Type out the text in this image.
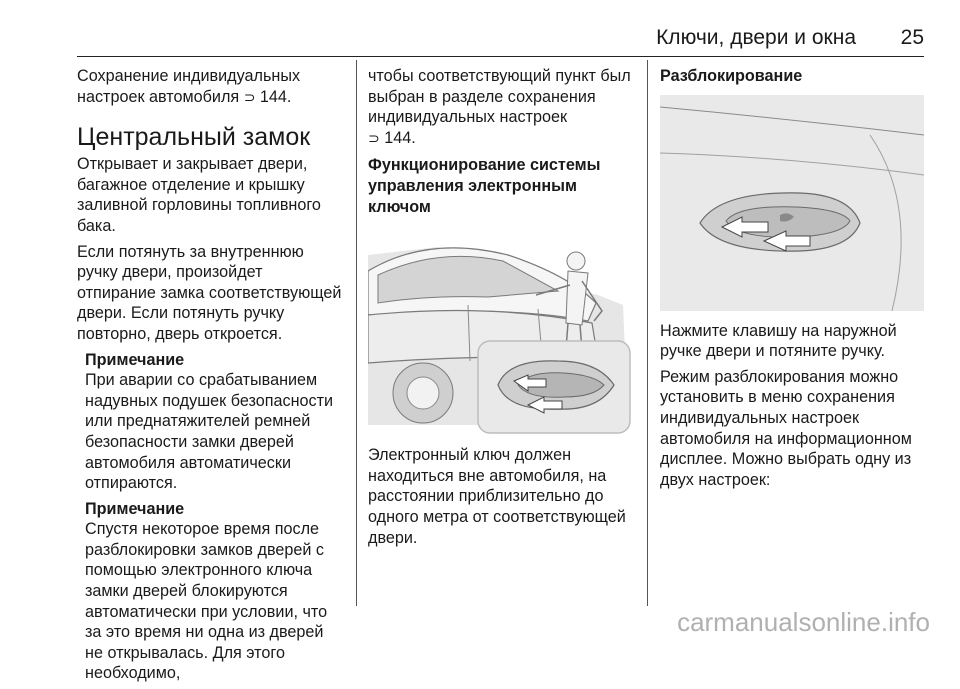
Ключи, двери и окна 25

Сохранение индивидуальных
настроек автомобиля ⊃ 144.

Центральный замок

Открывает и закрывает двери, багажное отделение и крышку заливной горловины топливного бака.

Если потянуть за внутреннюю ручку двери, произойдет отпирание замка соответствующей двери. Если потянуть ручку повторно, дверь откроется.

Примечание

При аварии со срабатыванием надувных подушек безопасности или преднатяжителей ремней безопасности замки дверей автомобиля автоматически отпираются.

Примечание

Спустя некоторое время после разблокировки замков дверей с помощью электронного ключа замки дверей блокируются автоматически при условии, что за это время ни одна из дверей не открывалась. Для этого необходимо,

чтобы соответствующий пункт был выбран в разделе сохранения индивидуальных настроек
⊃ 144.

Функционирование системы управления электронным ключом

Электронный ключ должен находиться вне автомобиля, на расстоянии приблизительно до одного метра от соответствующей двери.

Разблокирование

Нажмите клавишу на наружной ручке двери и потяните ручку.

Режим разблокирования можно установить в меню сохранения индивидуальных настроек автомобиля на информационном дисплее. Можно выбрать одну из двух настроек:

carmanualsonline.info
